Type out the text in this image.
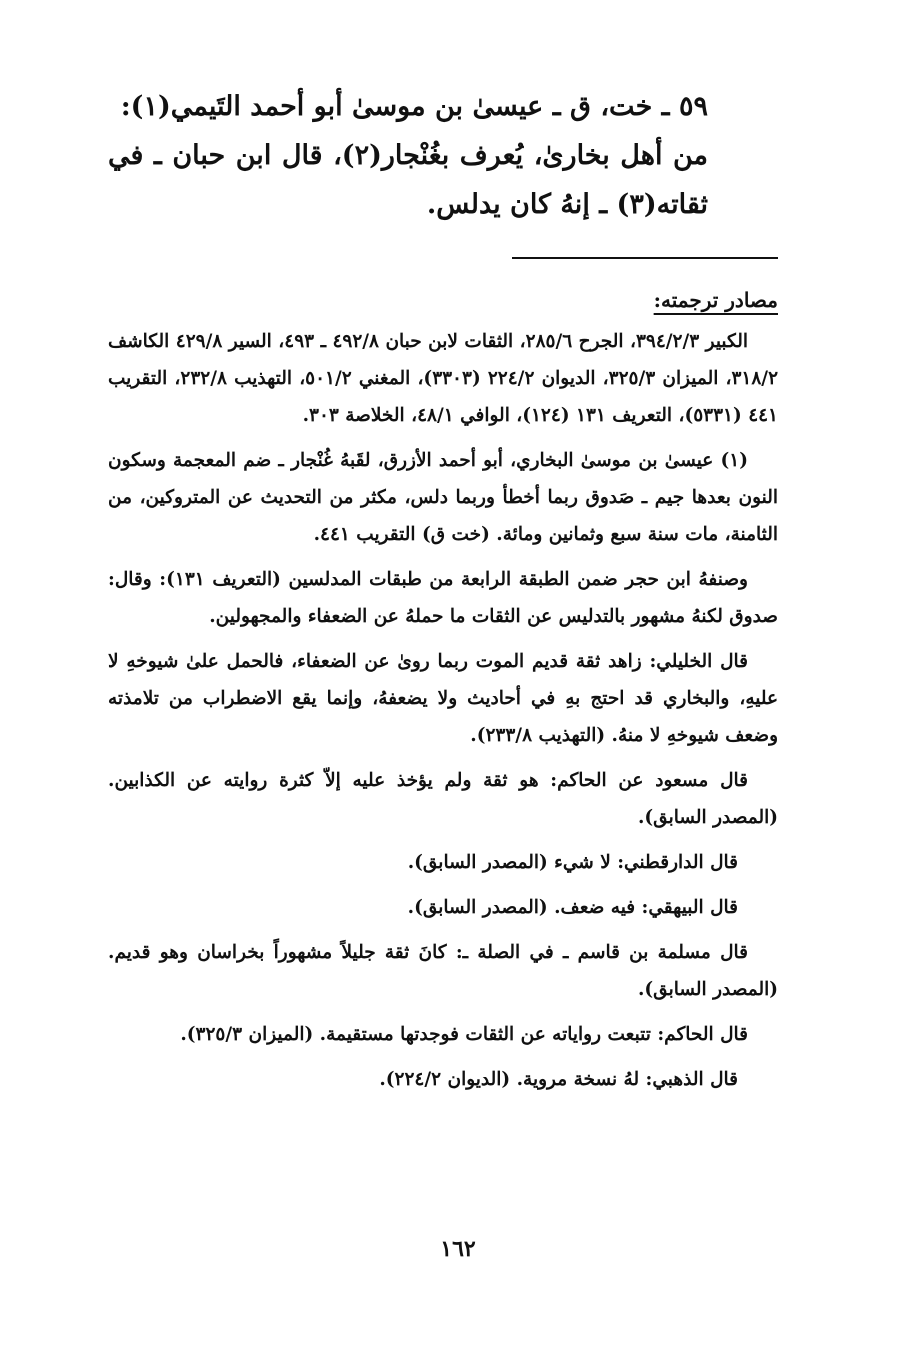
٥٩ ـ خت، ق ـ عيسىٰ بن موسىٰ أبو أحمد التَيمي(١):
من أهل بخارىٰ، يُعرف بغُنْجار(٢)، قال ابن حبان ـ في ثقاته(٣) ـ إنهُ كان يدلس.

مصادر ترجمته:

الكبير ٣٩٤/٢/٣، الجرح ٢٨٥/٦، الثقات لابن حبان ٤٩٢/٨ ـ ٤٩٣، السير ٤٢٩/٨ الكاشف ٣١٨/٢، الميزان ٣٢٥/٣، الديوان ٢٢٤/٢ (٣٣٠٣)، المغني ٥٠١/٢، التهذيب ٢٣٢/٨، التقريب ٤٤١ (٥٣٣١)، التعريف ١٣١ (١٢٤)، الوافي ٤٨/١، الخلاصة ٣٠٣.

(١) عيسىٰ بن موسىٰ البخاري، أبو أحمد الأزرق، لقَبهُ غُنْجار ـ ضم المعجمة وسكون النون بعدها جيم ـ صَدوق ربما أخطأ وربما دلس، مكثر من التحديث عن المتروكين، من الثامنة، مات سنة سبع وثمانين ومائة. (خت ق) التقريب ٤٤١.

وصنفهُ ابن حجر ضمن الطبقة الرابعة من طبقات المدلسين (التعريف ١٣١): وقال: صدوق لكنهُ مشهور بالتدليس عن الثقات ما حملهُ عن الضعفاء والمجهولين.

قال الخليلي: زاهد ثقة قديم الموت ربما روىٰ عن الضعفاء، فالحمل علىٰ شيوخهِ لا عليهِ، والبخاري قد احتج بهِ في أحاديث ولا يضعفهُ، وإنما يقع الاضطراب من تلامذته وضعف شيوخهِ لا منهُ. (التهذيب ٢٣٣/٨).

قال مسعود عن الحاكم: هو ثقة ولم يؤخذ عليه إلاّ كثرة روايته عن الكذابين. (المصدر السابق).

قال الدارقطني: لا شيء (المصدر السابق).

قال البيهقي: فيه ضعف. (المصدر السابق).

قال مسلمة بن قاسم ـ في الصلة ـ: كانَ ثقة جليلاً مشهوراً بخراسان وهو قديم. (المصدر السابق).

قال الحاكم: تتبعت رواياته عن الثقات فوجدتها مستقيمة. (الميزان ٣٢٥/٣).

قال الذهبي: لهُ نسخة مروية. (الديوان ٢٢٤/٢).

١٦٢
